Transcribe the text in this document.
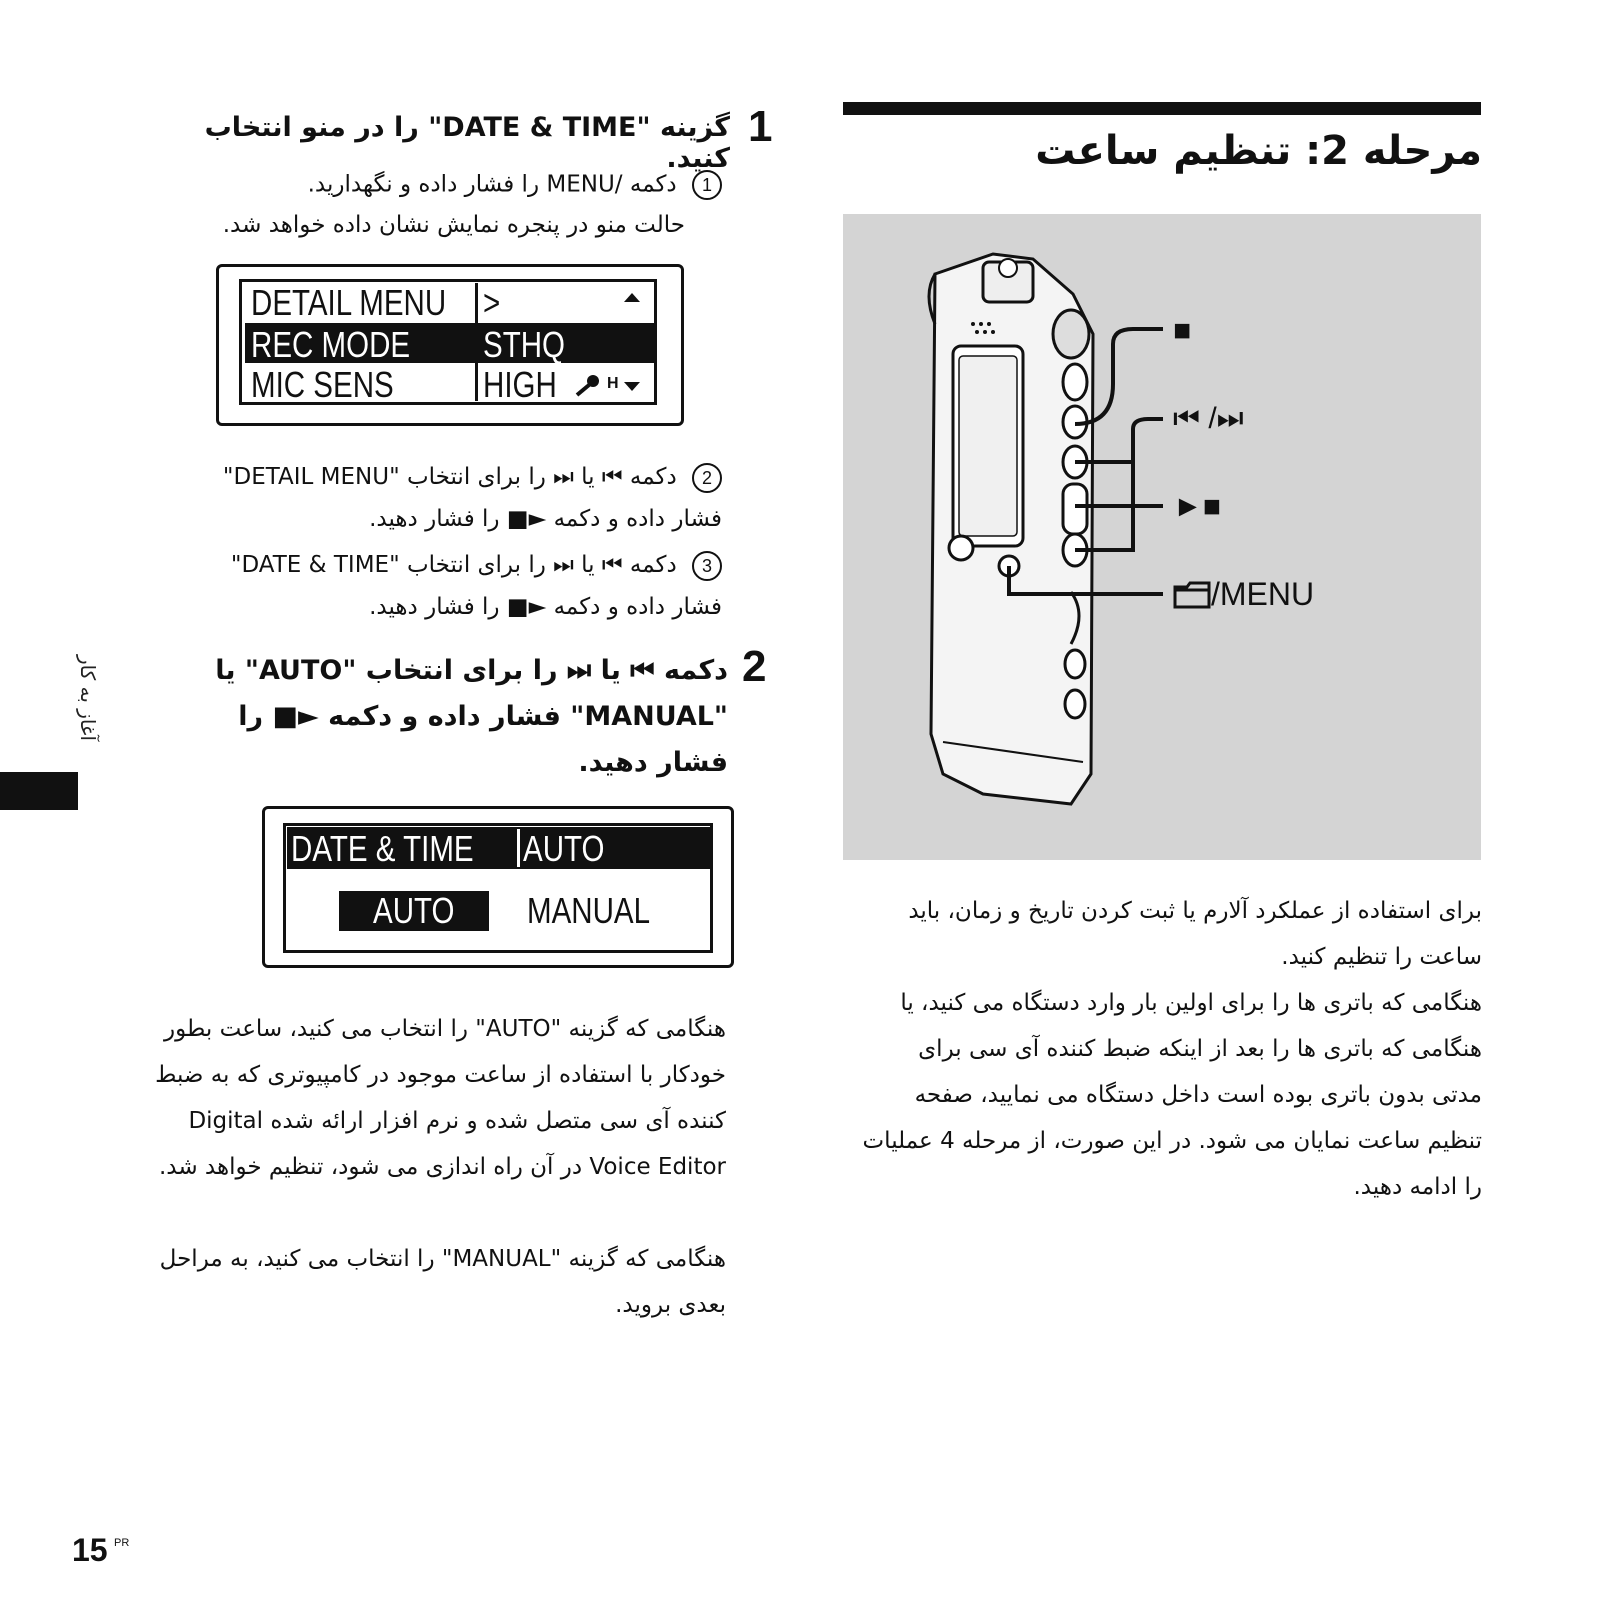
مرحله 2: تنظیم ساعت
■
⏮ /⏭
►■
/MENU
برای استفاده از عملکرد آلارم یا ثبت کردن تاریخ و زمان، باید ساعت را تنظیم کنید.
هنگامی که باتری ها را برای اولین بار وارد دستگاه می کنید، یا هنگامی که باتری ها را بعد از اینکه ضبط کننده آی سی برای مدتی بدون باتری بوده است داخل دستگاه می نمایید، صفحه تنظیم ساعت نمایان می شود. در این صورت، از مرحله 4 عملیات را ادامه دهید.
1
گزینه "DATE & TIME" را در منو انتخاب کنید.
1 دکمه /MENU را فشار داده و نگهدارید.
حالت منو در پنجره نمایش نشان داده خواهد شد.
DETAIL MENU >
REC MODE STHQ
MIC SENS HIGH	H
2 دکمه ⏮ یا ⏭ را برای انتخاب "DETAIL MENU" فشار داده و دکمه ►■ را فشار دهید.
3 دکمه ⏮ یا ⏭ را برای انتخاب "DATE & TIME" فشار داده و دکمه ►■ را فشار دهید.
2
دکمه ⏮ یا ⏭ را برای انتخاب "AUTO" یا "MANUAL" فشار داده و دکمه ►■ را فشار دهید.
DATE & TIME AUTO
AUTO MANUAL
هنگامی که گزینه "AUTO" را انتخاب می کنید، ساعت بطور خودکار با استفاده از ساعت موجود در کامپیوتری که به ضبط کننده آی سی متصل شده و نرم افزار ارائه شده Digital Voice Editor در آن راه اندازی می شود، تنظیم خواهد شد.
هنگامی که گزینه "MANUAL" را انتخاب می کنید، به مراحل بعدی بروید.
آغاز به کار
15 PR
